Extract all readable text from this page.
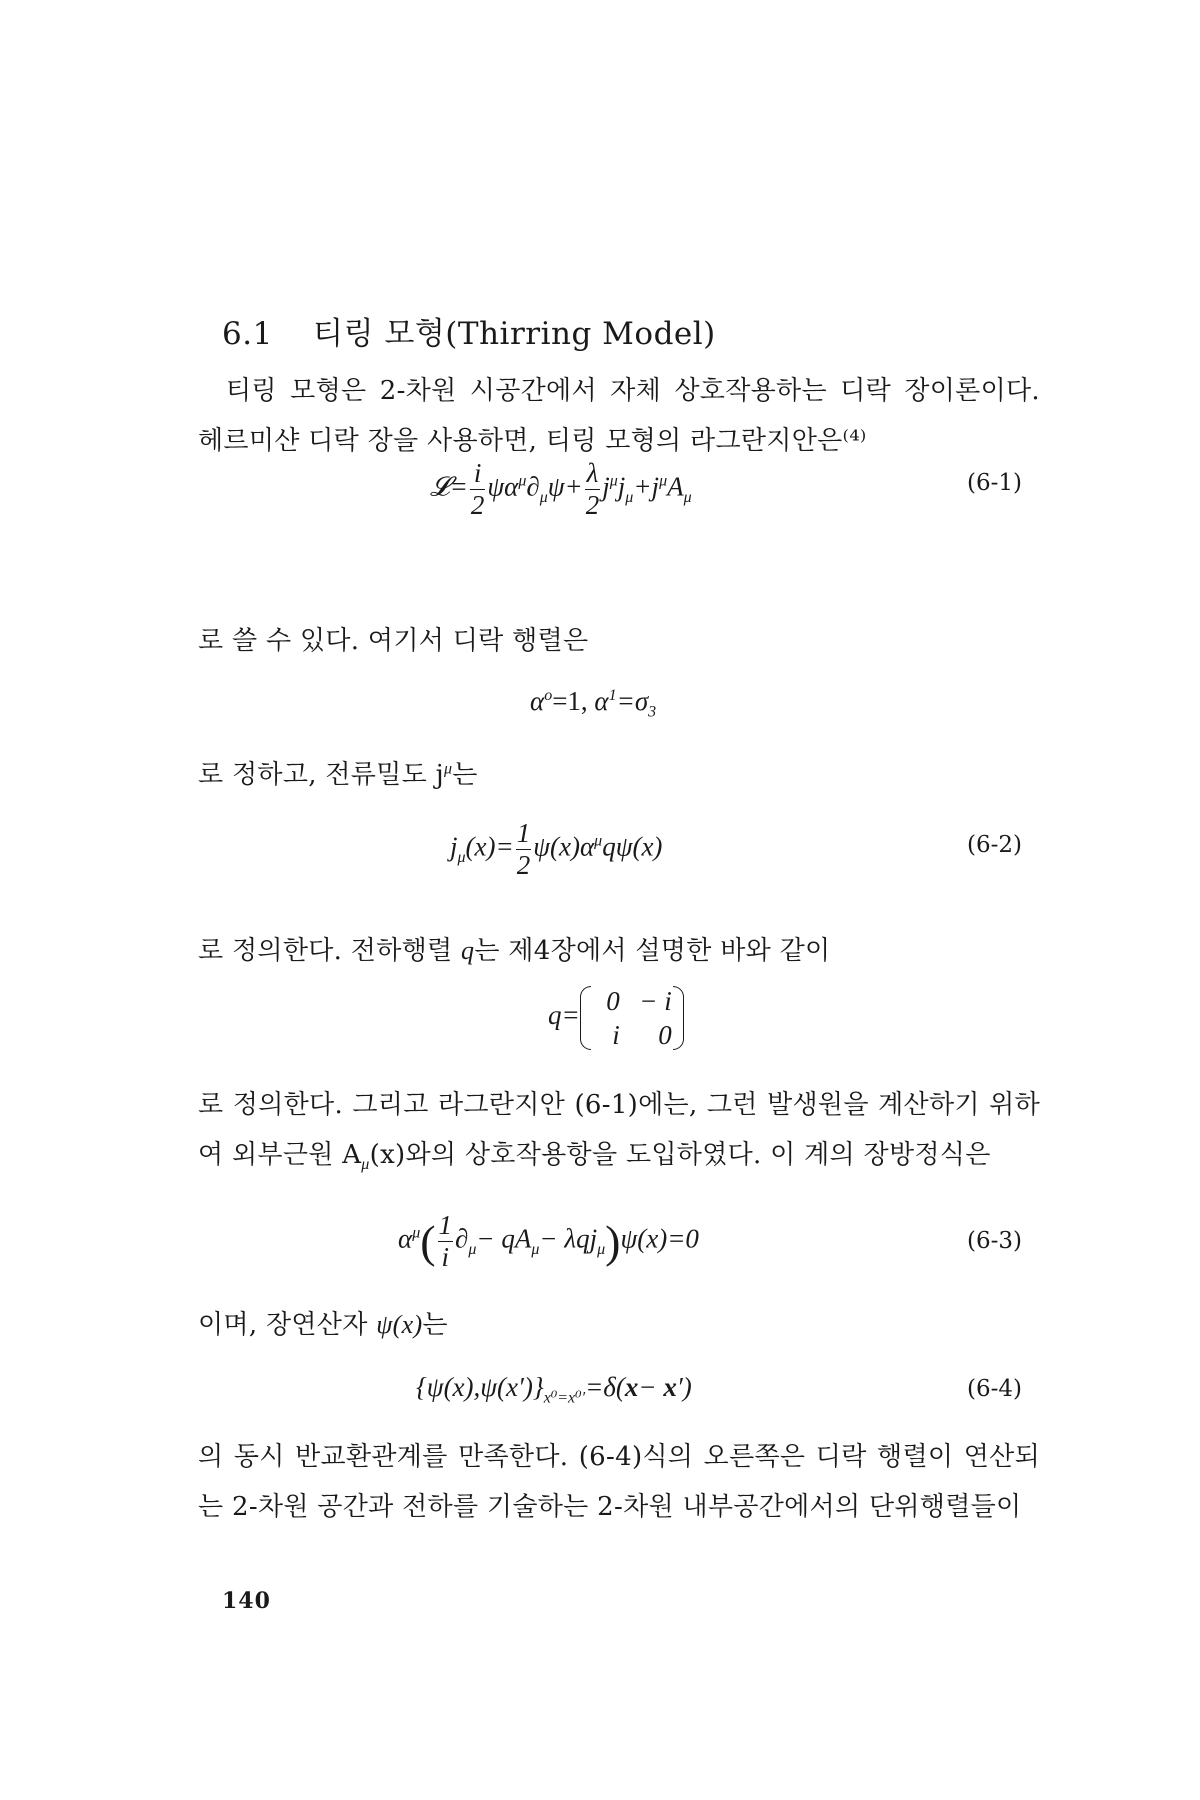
6.1 티링 모형(Thirring Model)
티링 모형은 2-차원 시공간에서 자체 상호작용하는 디락 장이론이다. 헤르미샨 디락 장을 사용하면, 티링 모형의 라그란지안은⁽⁴⁾
𝓛= $\frac{i}{2} \psi\alpha^\mu\partial_\mu\psi+ \frac{\lambda}{2} j^\mu j_\mu+j^\mu A_\mu$
(6-1)
로 쓸 수 있다. 여기서 디락 행렬은
$\alpha^o=1$, $\alpha^1=\sigma_3$
로 정하고, 전류밀도 $j^\mu$는
$j_\mu(x)= \frac{1}{2} \psi(x)\alpha^\mu q\psi(x)$	(6-2)
로 정의한다. 전하행렬 q는 제4장에서 설명한 바와 같이
q= 0 − i
i 0
로 정의한다. 그리고 라그란지안 (6-1)에는, 그런 발생원을 계산하기 위하여 외부근원 $A_\mu(x)$와의 상호작용항을 도입하였다. 이 계의 장방정식은
$\alpha^\mu( \frac{1}{i} \partial_\mu- qA_\mu- \lambda qj_\mu)\psi(x)=0$	(6-3)
이며, 장연산자 ψ(x)는
$\{\psi(x),\psi(x')\}_{x^0=x^0'}=\delta(x- x')$	(6-4)
의 동시 반교환관계를 만족한다. (6-4)식의 오른쪽은 디락 행렬이 연산되는 2-차원 공간과 전하를 기술하는 2-차원 내부공간에서의 단위행렬들이
140
